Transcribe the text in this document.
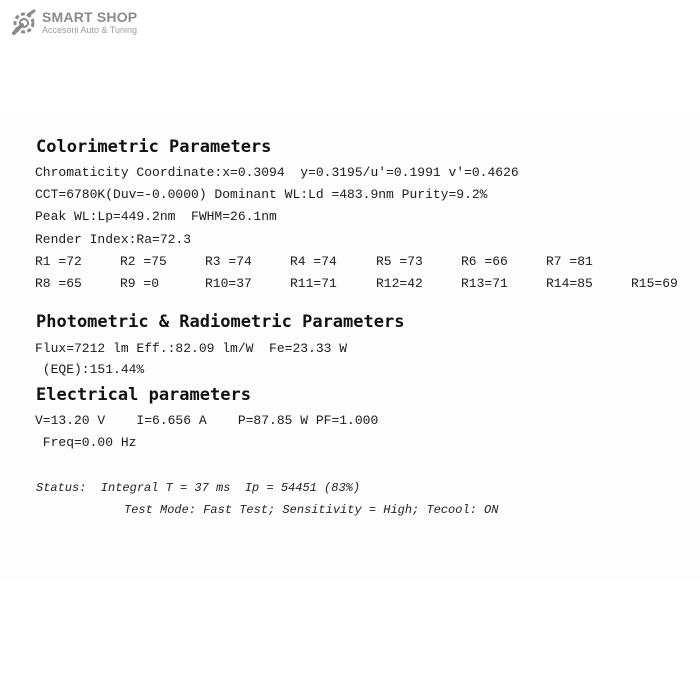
SMART SHOP
Accesorii Auto & Tuning
Colorimetric Parameters
Chromaticity Coordinate:x=0.3094  y=0.3195/u'=0.1991 v'=0.4626
CCT=6780K(Duv=-0.0000) Dominant WL:Ld =483.9nm Purity=9.2%
Peak WL:Lp=449.2nm  FWHM=26.1nm
Render Index:Ra=72.3
R1 =72	R2 =75	R3 =74	R4 =74	R5 =73	R6 =66	R7 =81
R8 =65	R9 =0	R10=37	R11=71	R12=42	R13=71	R14=85	R15=69
Photometric & Radiometric Parameters
Flux=7212 lm Eff.:82.09 lm/W  Fe=23.33 W
(EQE):151.44%
Electrical parameters
V=13.20 V    I=6.656 A    P=87.85 W PF=1.000
Freq=0.00 Hz
Status:  Integral T = 37 ms  Ip = 54451 (83%)
Test Mode: Fast Test; Sensitivity = High; Tecool: ON
